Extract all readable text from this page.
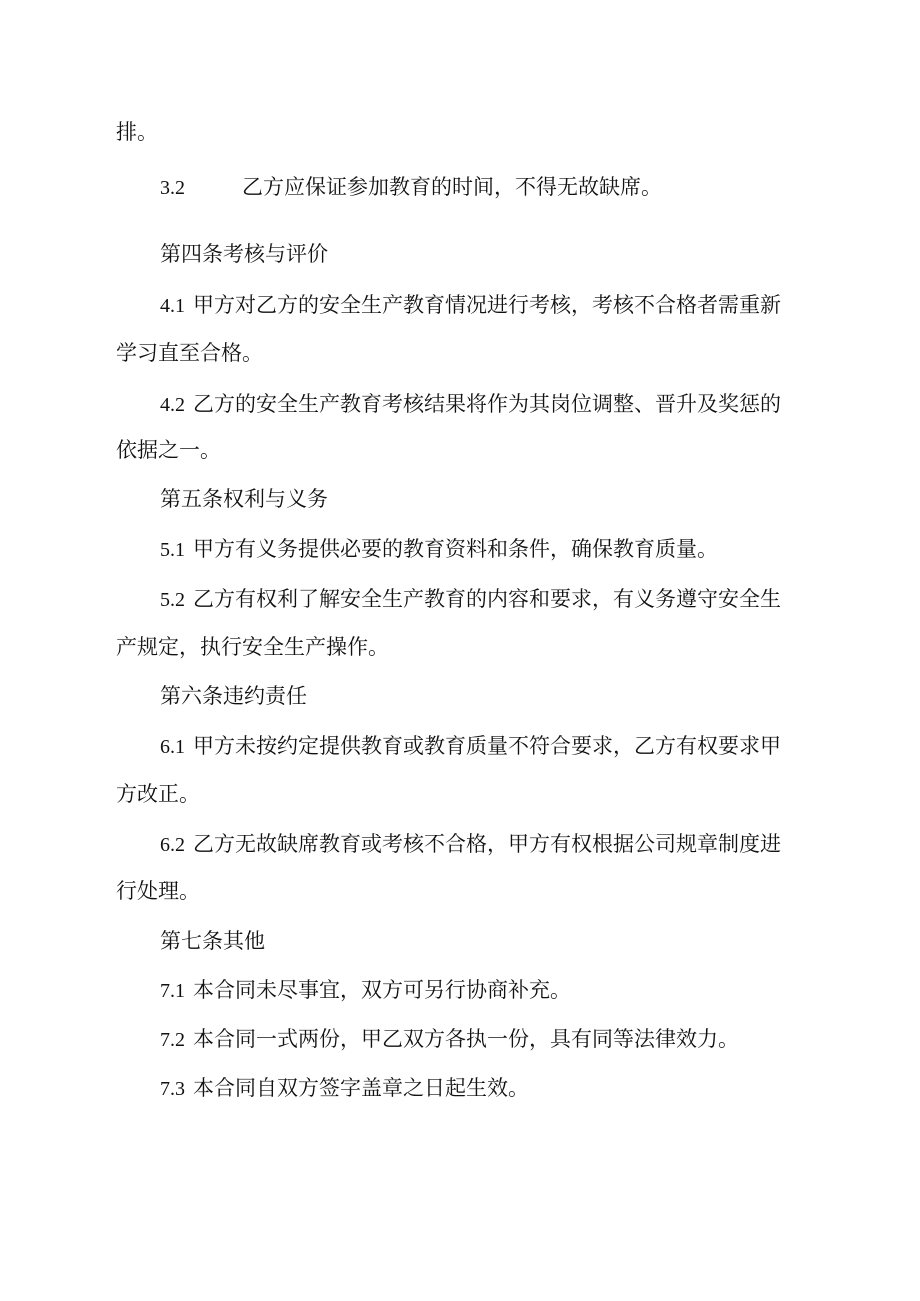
排。
3.2	乙方应保证参加教育的时间，不得无故缺席。
第四条考核与评价
4.1 甲方对乙方的安全生产教育情况进行考核，考核不合格者需重新
学习直至合格。
4.2 乙方的安全生产教育考核结果将作为其岗位调整、晋升及奖惩的
依据之一。
第五条权利与义务
5.1 甲方有义务提供必要的教育资料和条件，确保教育质量。
5.2 乙方有权利了解安全生产教育的内容和要求，有义务遵守安全生
产规定，执行安全生产操作。
第六条违约责任
6.1 甲方未按约定提供教育或教育质量不符合要求，乙方有权要求甲
方改正。
6.2 乙方无故缺席教育或考核不合格，甲方有权根据公司规章制度进
行处理。
第七条其他
7.1 本合同未尽事宜，双方可另行协商补充。
7.2 本合同一式两份，甲乙双方各执一份，具有同等法律效力。
7.3 本合同自双方签字盖章之日起生效。
